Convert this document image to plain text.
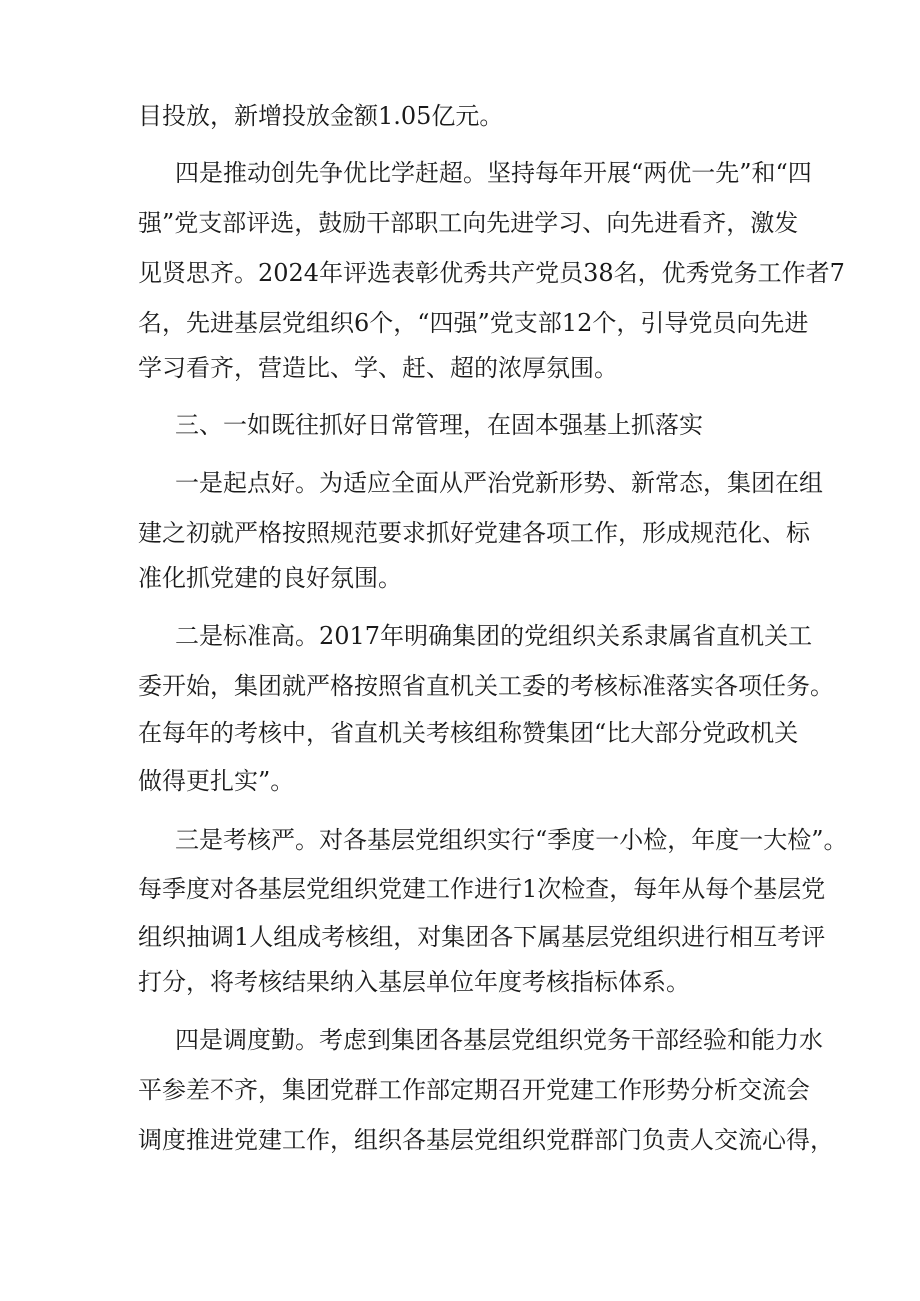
目投放，新增投放金额1.05亿元。
四是推动创先争优比学赶超。坚持每年开展“两优一先”和“四
强”党支部评选，鼓励干部职工向先进学习、向先进看齐，激发
见贤思齐。2024年评选表彰优秀共产党员38名，优秀党务工作者7
名，先进基层党组织6个，“四强”党支部12个，引导党员向先进
学习看齐，营造比、学、赶、超的浓厚氛围。
三、一如既往抓好日常管理，在固本强基上抓落实
一是起点好。为适应全面从严治党新形势、新常态，集团在组
建之初就严格按照规范要求抓好党建各项工作，形成规范化、标
准化抓党建的良好氛围。
二是标准高。2017年明确集团的党组织关系隶属省直机关工
委开始，集团就严格按照省直机关工委的考核标准落实各项任务。
在每年的考核中，省直机关考核组称赞集团“比大部分党政机关
做得更扎实”。
三是考核严。对各基层党组织实行“季度一小检，年度一大检”。
每季度对各基层党组织党建工作进行1次检查，每年从每个基层党
组织抽调1人组成考核组，对集团各下属基层党组织进行相互考评
打分，将考核结果纳入基层单位年度考核指标体系。
四是调度勤。考虑到集团各基层党组织党务干部经验和能力水
平参差不齐，集团党群工作部定期召开党建工作形势分析交流会
调度推进党建工作，组织各基层党组织党群部门负责人交流心得，
